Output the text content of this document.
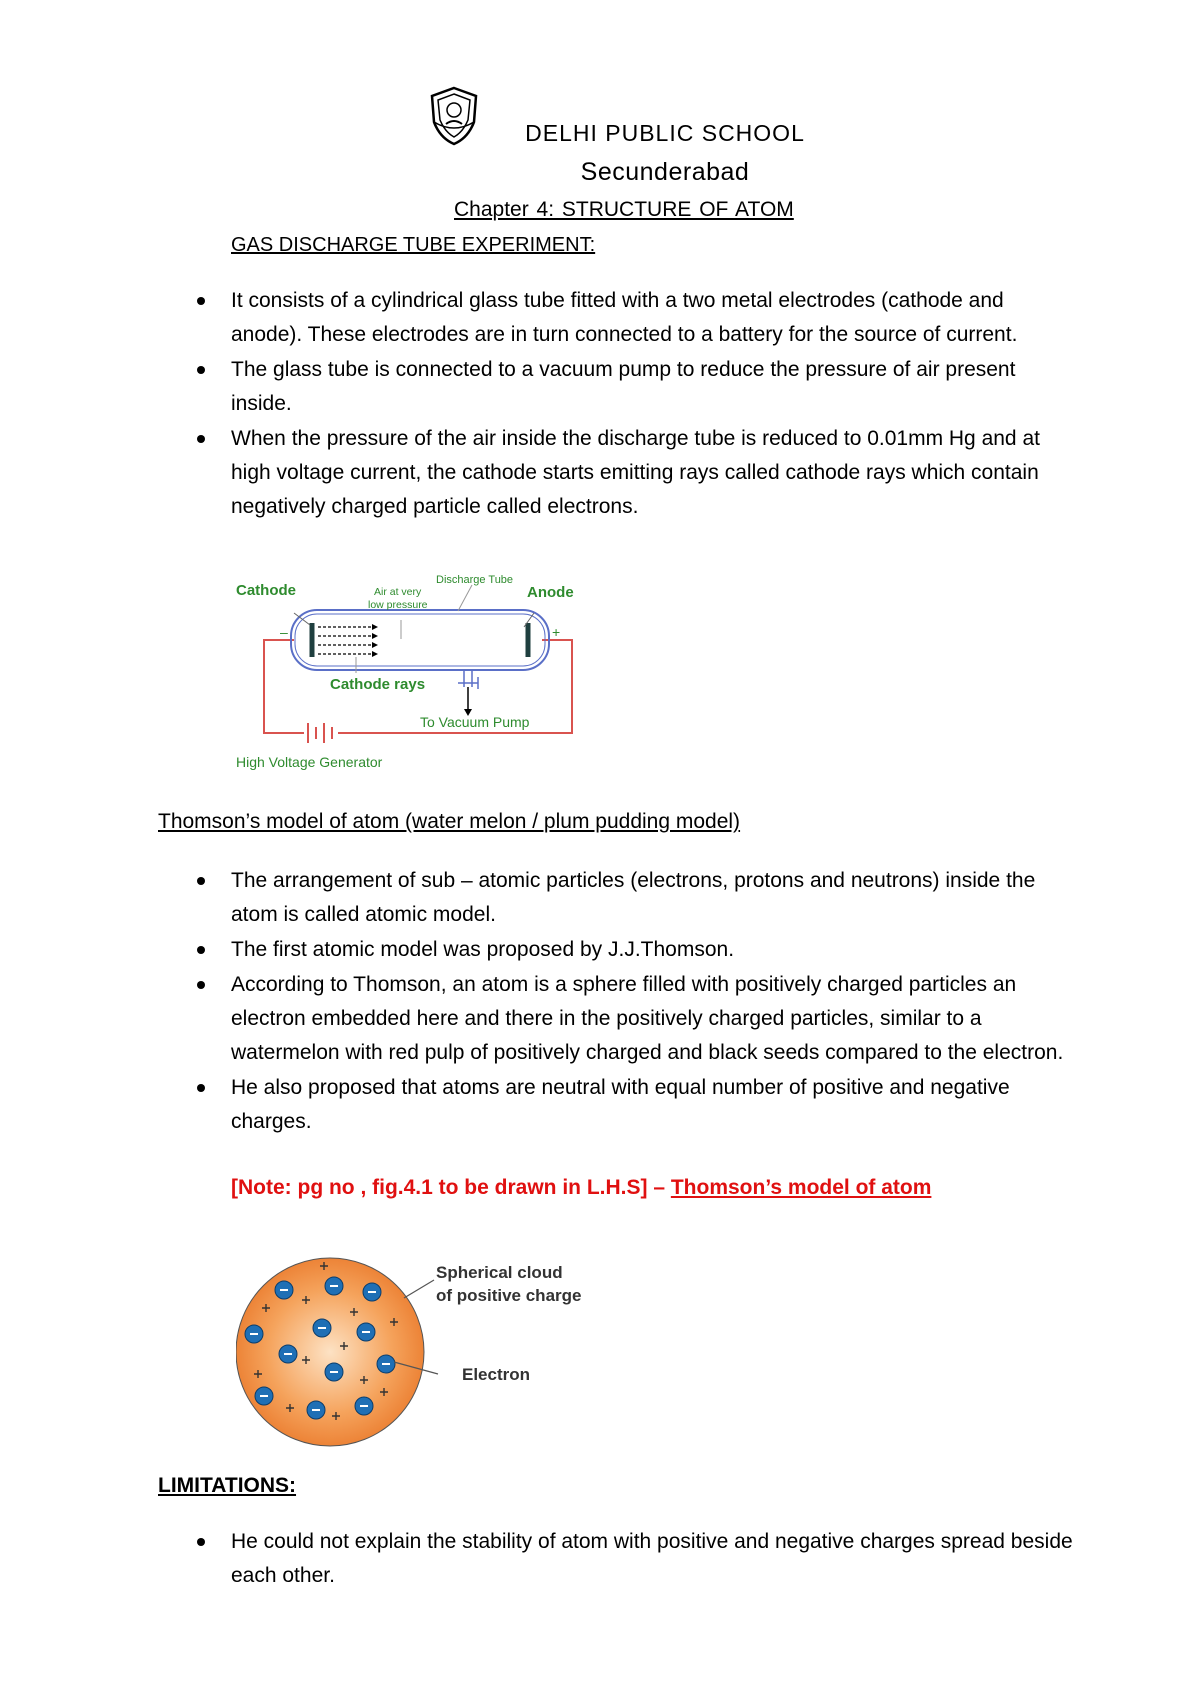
DELHI PUBLIC SCHOOL
Secunderabad
Chapter 4: STRUCTURE OF ATOM
GAS DISCHARGE TUBE EXPERIMENT:
It consists of a cylindrical glass tube fitted with a two metal electrodes (cathode and anode). These electrodes are in turn connected to a battery for the source of current.
The glass tube is connected to a vacuum pump to reduce the pressure of air present inside.
When the pressure of the air inside the discharge tube is reduced to 0.01mm Hg and at high voltage current, the cathode starts emitting rays called cathode rays which contain negatively charged particle called electrons.
Cathode	Anode
Discharge Tube
Air at very low pressure
Cathode rays
To Vacuum Pump
High Voltage Generator
–	+
Thomson’s model of atom (water melon / plum pudding model)
The arrangement of sub – atomic particles (electrons, protons and neutrons) inside the atom is called atomic model.
The first atomic model was proposed by J.J.Thomson.
According to Thomson, an atom is a sphere filled with positively charged particles an electron embedded here and there in the positively charged particles, similar to a watermelon with red pulp of positively charged and black seeds compared to the electron.
He also proposed that atoms are neutral with equal number of positive and negative charges.
[Note: pg no , fig.4.1 to be drawn in L.H.S] – Thomson’s model of atom
Spherical cloud
of positive charge
Electron
LIMITATIONS:
He could not explain the stability of atom with positive and negative charges spread beside each other.
